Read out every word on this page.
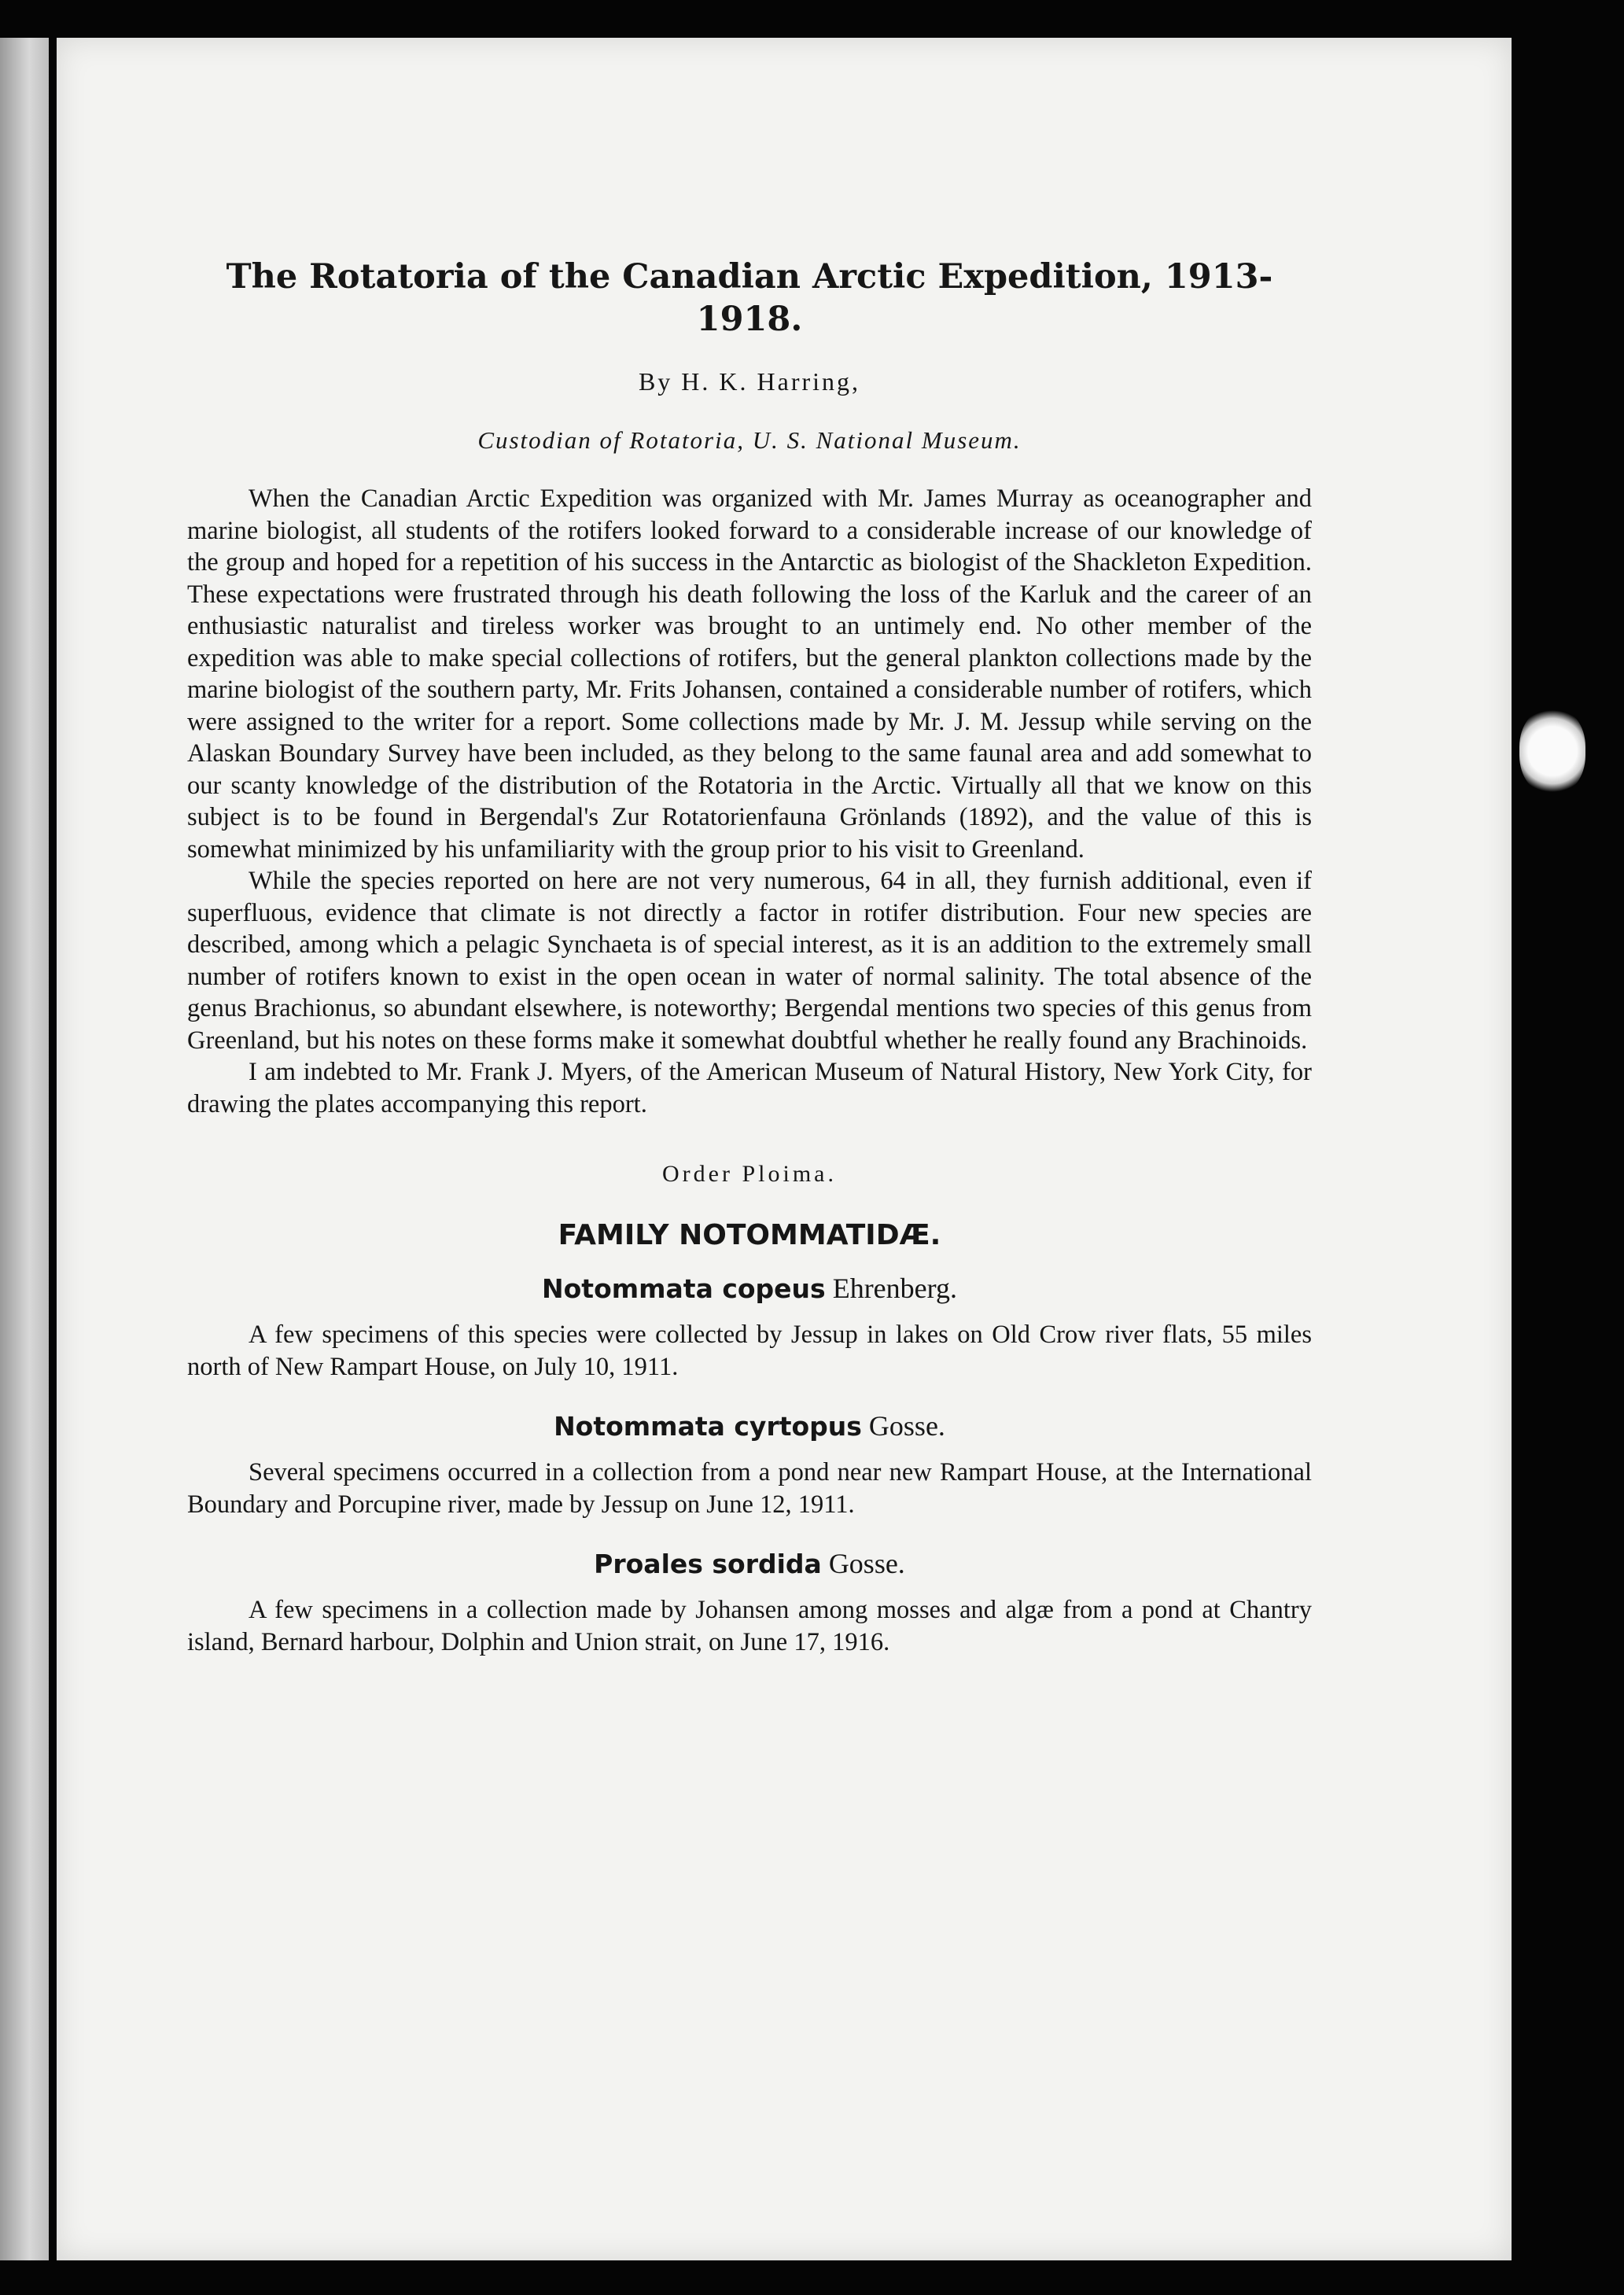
The Rotatoria of the Canadian Arctic Expedition, 1913-1918.

By H. K. Harring,

Custodian of Rotatoria, U. S. National Museum.

When the Canadian Arctic Expedition was organized with Mr. James Murray as oceanographer and marine biologist, all students of the rotifers looked forward to a considerable increase of our knowledge of the group and hoped for a repetition of his success in the Antarctic as biologist of the Shackleton Expedition. These expectations were frustrated through his death following the loss of the Karluk and the career of an enthusiastic naturalist and tireless worker was brought to an untimely end. No other member of the expedition was able to make special collections of rotifers, but the general plankton collections made by the marine biologist of the southern party, Mr. Frits Johansen, contained a considerable number of rotifers, which were assigned to the writer for a report. Some collections made by Mr. J. M. Jessup while serving on the Alaskan Boundary Survey have been included, as they belong to the same faunal area and add somewhat to our scanty knowledge of the distribution of the Rotatoria in the Arctic. Virtually all that we know on this subject is to be found in Bergendal's Zur Rotatorienfauna Grönlands (1892), and the value of this is somewhat minimized by his unfamiliarity with the group prior to his visit to Greenland.

While the species reported on here are not very numerous, 64 in all, they furnish additional, even if superfluous, evidence that climate is not directly a factor in rotifer distribution. Four new species are described, among which a pelagic Synchaeta is of special interest, as it is an addition to the extremely small number of rotifers known to exist in the open ocean in water of normal salinity. The total absence of the genus Brachionus, so abundant elsewhere, is noteworthy; Bergendal mentions two species of this genus from Greenland, but his notes on these forms make it somewhat doubtful whether he really found any Brachinoids.

I am indebted to Mr. Frank J. Myers, of the American Museum of Natural History, New York City, for drawing the plates accompanying this report.

Order Ploima.

FAMILY NOTOMMATIDÆ.

Notommata copeus Ehrenberg.

A few specimens of this species were collected by Jessup in lakes on Old Crow river flats, 55 miles north of New Rampart House, on July 10, 1911.

Notommata cyrtopus Gosse.

Several specimens occurred in a collection from a pond near new Rampart House, at the International Boundary and Porcupine river, made by Jessup on June 12, 1911.

Proales sordida Gosse.

A few specimens in a collection made by Johansen among mosses and algæ from a pond at Chantry island, Bernard harbour, Dolphin and Union strait, on June 17, 1916.
